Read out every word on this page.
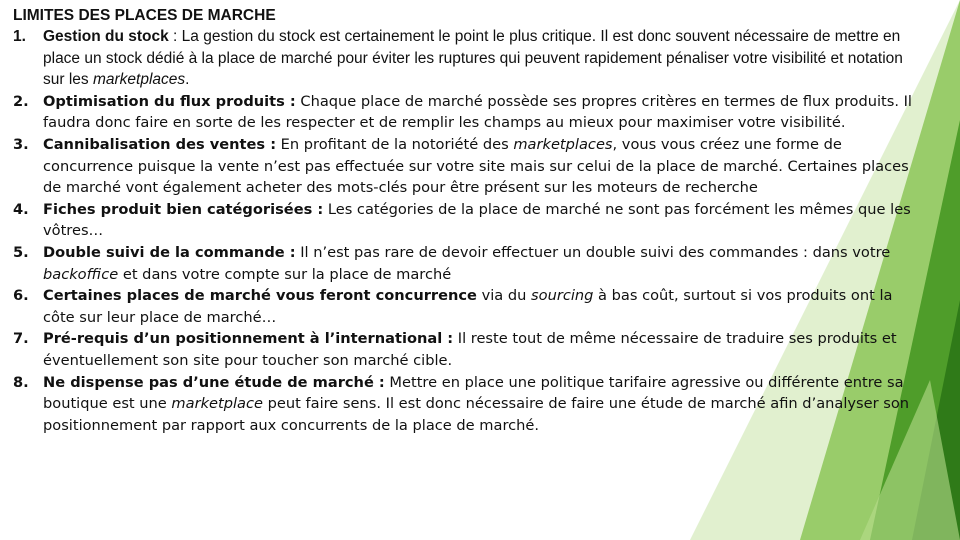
LIMITES DES PLACES DE MARCHE
1. Gestion du stock : La gestion du stock est certainement le point le plus critique. Il est donc souvent nécessaire de mettre en place un stock dédié à la place de marché pour éviter les ruptures qui peuvent rapidement pénaliser votre visibilité et notation sur les marketplaces.
2. Optimisation du flux produits : Chaque place de marché possède ses propres critères en termes de flux produits. Il faudra donc faire en sorte de les respecter et de remplir les champs au mieux pour maximiser votre visibilité.
3. Cannibalisation des ventes : En profitant de la notoriété des marketplaces, vous vous créez une forme de concurrence puisque la vente n’est pas effectuée sur votre site mais sur celui de la place de marché. Certaines places de marché vont également acheter des mots-clés pour être présent sur les moteurs de recherche
4. Fiches produit bien catégorisées : Les catégories de la place de marché ne sont pas forcément les mêmes que les vôtres…
5. Double suivi de la commande : Il n’est pas rare de devoir effectuer un double suivi des commandes : dans votre backoffice et dans votre compte sur la place de marché
6. Certaines places de marché vous feront concurrence via du sourcing à bas coût, surtout si vos produits ont la côte sur leur place de marché…
7. Pré-requis d’un positionnement à l’international : Il reste tout de même nécessaire de traduire ses produits et éventuellement son site pour toucher son marché cible.
8. Ne dispense pas d’une étude de marché : Mettre en place une politique tarifaire agressive ou différente entre sa boutique est une marketplace peut faire sens. Il est donc nécessaire de faire une étude de marché afin d’analyser son positionnement par rapport aux concurrents de la place de marché.
